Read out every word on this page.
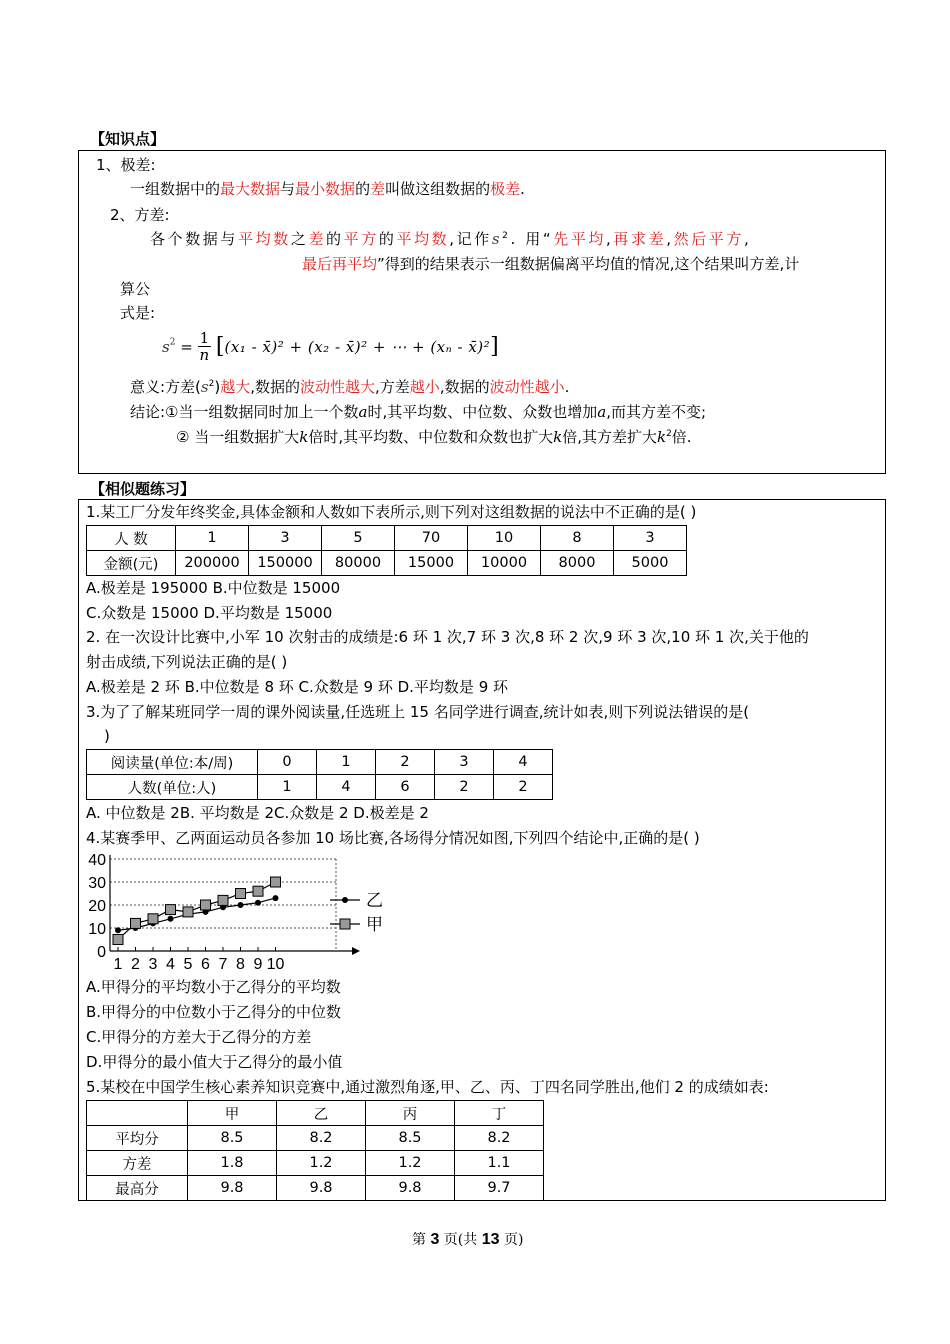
【知识点】
1、极差:
一组数据中的最大数据与最小数据的差叫做这组数据的极差.
2、方差:
各个数据与平均数之差的平方的平均数,记作$s^2$. 用“先平均,再求差,然后平方,
最后再平均”得到的结果表示一组数据偏离平均值的情况,这个结果叫方差,计
算公
式是:
$s^2 = \frac{1}{n} [(x_1$ - x̄)² + (x₂ - x̄)² + ⋯ + (xₙ - x̄)²]
意义:方差$(s^2)$越大,数据的波动性越大,方差越小,数据的波动性越小.
结论:①当一组数据同时加上一个数a时,其平均数、中位数、众数也增加a,而其方差不变;
② 当一组数据扩大k倍时,其平均数、中位数和众数也扩大k倍,其方差扩大$k^2$倍.
【相似题练习】
1.某工厂分发年终奖金,具体金额和人数如下表所示,则下列对这组数据的说法中不正确的是( )
人 数	1	3	5	70	10	8	3
金额(元)	200000	150000	80000	15000	10000	8000	5000
A.极差是 195000 B.中位数是 15000
C.众数是 15000 D.平均数是 15000
2. 在一次设计比赛中,小军 10 次射击的成绩是:6 环 1 次,7 环 3 次,8 环 2 次,9 环 3 次,10 环 1 次,关于他的
射击成绩,下列说法正确的是( )
A.极差是 2 环 B.中位数是 8 环 C.众数是 9 环 D.平均数是 9 环
3.为了了解某班同学一周的课外阅读量,任选班上 15 名同学进行调查,统计如表,则下列说法错误的是(
)
阅读量(单位:本/周)	0	1	2	3	4
人数(单位:人)	1	4	6	2	2
A. 中位数是 2B. 平均数是 2C.众数是 2 D.极差是 2
4.某赛季甲、乙两面运动员各参加 10 场比赛,各场得分情况如图,下列四个结论中,正确的是( )
0
10
20
30
40
1 2 3 4 5 6 7 8 9 10
乙
甲
A.甲得分的平均数小于乙得分的平均数
B.甲得分的中位数小于乙得分的中位数
C.甲得分的方差大于乙得分的方差
D.甲得分的最小值大于乙得分的最小值
5.某校在中国学生核心素养知识竞赛中,通过激烈角逐,甲、乙、丙、丁四名同学胜出,他们 2 的成绩如表:
	甲	乙	丙	丁
平均分	8.5	8.2	8.5	8.2
方差	1.8	1.2	1.2	1.1
最高分	9.8	9.8	9.8	9.7
第 3 页(共 13 页)
